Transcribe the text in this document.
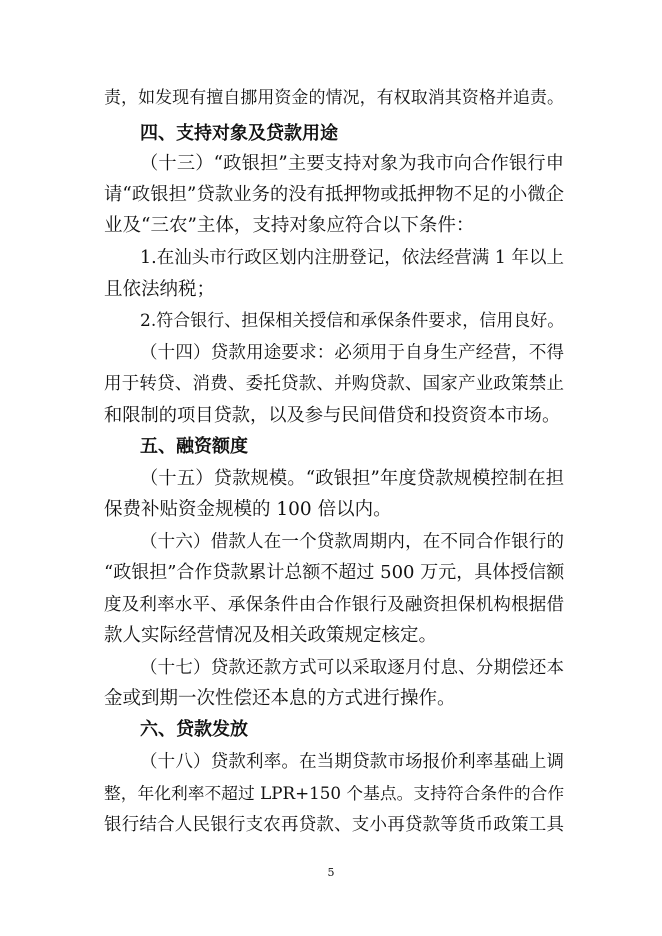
责，如发现有擅自挪用资金的情况，有权取消其资格并追责。
四、支持对象及贷款用途
（十三）“政银担”主要支持对象为我市向合作银行申
请“政银担”贷款业务的没有抵押物或抵押物不足的小微企
业及“三农”主体，支持对象应符合以下条件：
1.在汕头市行政区划内注册登记，依法经营满 1 年以上
且依法纳税；
2.符合银行、担保相关授信和承保条件要求，信用良好。
（十四）贷款用途要求：必须用于自身生产经营，不得
用于转贷、消费、委托贷款、并购贷款、国家产业政策禁止
和限制的项目贷款，以及参与民间借贷和投资资本市场。
五、融资额度
（十五）贷款规模。“政银担”年度贷款规模控制在担
保费补贴资金规模的 100 倍以内。
（十六）借款人在一个贷款周期内，在不同合作银行的
“政银担”合作贷款累计总额不超过 500 万元，具体授信额
度及利率水平、承保条件由合作银行及融资担保机构根据借
款人实际经营情况及相关政策规定核定。
（十七）贷款还款方式可以采取逐月付息、分期偿还本
金或到期一次性偿还本息的方式进行操作。
六、贷款发放
（十八）贷款利率。在当期贷款市场报价利率基础上调
整，年化利率不超过 LPR+150 个基点。支持符合条件的合作
银行结合人民银行支农再贷款、支小再贷款等货币政策工具
5
